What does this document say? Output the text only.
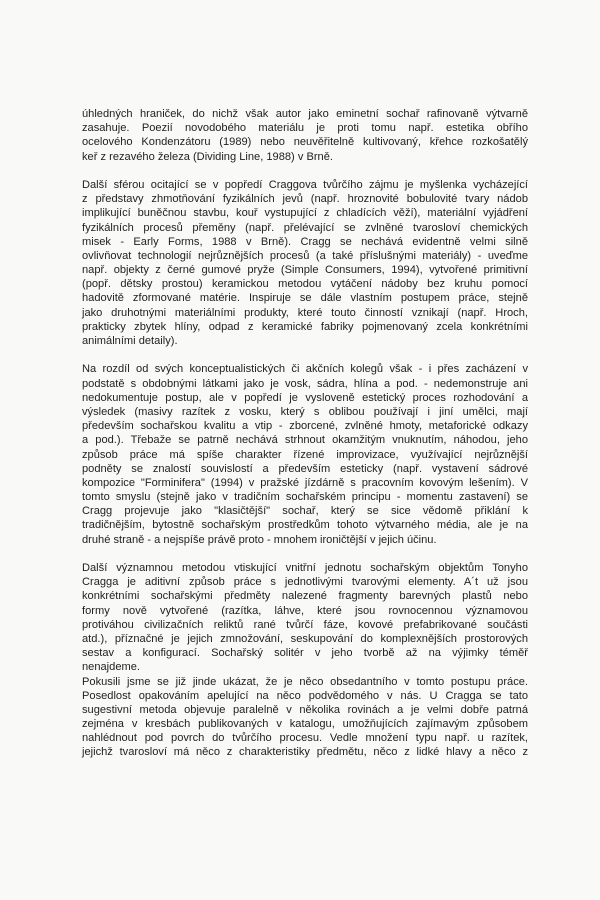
úhledných hraniček, do nichž však autor jako eminetní sochař rafinovaně výtvarně
zasahuje. Poezií novodobého materiálu je proti tomu např. estetika obřího
ocelového Kondenzátoru (1989) nebo neuvěřitelně kultivovaný, křehce rozkošatělý
keř z rezavého železa (Dividing Line, 1988) v Brně.
Další sférou ocitající se v popředí Craggova tvůrčího zájmu je myšlenka vycházející
z představy zhmotňování fyzikálních jevů (např. hroznovité bobulovité tvary nádob
implikující buněčnou stavbu, kouř vystupující z chladících věží), materiální vyjádření
fyzikálních procesů přeměny (např. přelévající se zvlněné tvarosloví chemických
misek - Early Forms, 1988 v Brně). Cragg se nechává evidentně velmi silně
ovlivňovat technologií nejrůznějších procesů (a také příslušnými materiály) - uveďme
např. objekty z černé gumové pryže (Simple Consumers, 1994), vytvořené primitivní
(popř. dětsky prostou) keramickou metodou vytáčení nádoby bez kruhu pomocí
hadovitě zformované matérie. Inspiruje se dále vlastním postupem práce, stejně
jako druhotnými materiálními produkty, které touto činností vznikají (např. Hroch,
prakticky zbytek hlíny, odpad z keramické fabriky pojmenovaný zcela konkrétními
animálními detaily).
Na rozdíl od svých konceptualistických či akčních kolegů však - i přes zacházení v
podstatě s obdobnými látkami jako je vosk, sádra, hlína a pod. - nedemonstruje ani
nedokumentuje postup, ale v popředí je vysloveně estetický proces rozhodování a
výsledek (masivy razítek z vosku, který s oblibou používají i jiní umělci, mají
především sochařskou kvalitu a vtip - zborcené, zvlněné hmoty, metaforické odkazy
a pod.). Třebaže se patrně nechává strhnout okamžitým vnuknutím, náhodou, jeho
způsob práce má spíše charakter řízené improvizace, využívající nejrůznější
podněty se znalostí souvislostí a především esteticky (např. vystavení sádrové
kompozice "Forminifera" (1994) v pražské jízdárně s pracovním kovovým lešením). V
tomto smyslu (stejně jako v tradičním sochařském principu - momentu zastavení) se
Cragg projevuje jako "klasičtější" sochař, který se sice vědomě přiklání k
tradičnějším, bytostně sochařským prostředkům tohoto výtvarného média, ale je na
druhé straně - a nejspíše právě proto - mnohem ironičtější v jejich účinu.
Další významnou metodou vtiskující vnitřní jednotu sochařským objektům Tonyho
Cragga je aditivní způsob práce s jednotlivými tvarovými elementy. A´t už jsou
konkrétními sochařskými předměty nalezené fragmenty barevných plastů nebo
formy nově vytvořené (razítka, láhve, které jsou rovnocennou významovou
protiváhou civilizačních reliktů rané tvůrčí fáze, kovové prefabrikované součásti
atd.), příznačné je jejich zmnožování, seskupování do komplexnějších prostorových
sestav a konfigurací. Sochařský solitér v jeho tvorbě až na výjimky téměř
nenajdeme.
Pokusili jsme se již jinde ukázat, že je něco obsedantního v tomto postupu práce.
Posedlost opakováním apelující na něco podvědomého v nás. U Cragga se tato
sugestivní metoda objevuje paralelně v několika rovinách a je velmi dobře patrná
zejména v kresbách publikovaných v katalogu, umožňujících zajímavým způsobem
nahlédnout pod povrch do tvůrčího procesu. Vedle množení typu např. u razítek,
jejichž tvarosloví má něco z charakteristiky předmětu, něco z lidké hlavy a něco z
